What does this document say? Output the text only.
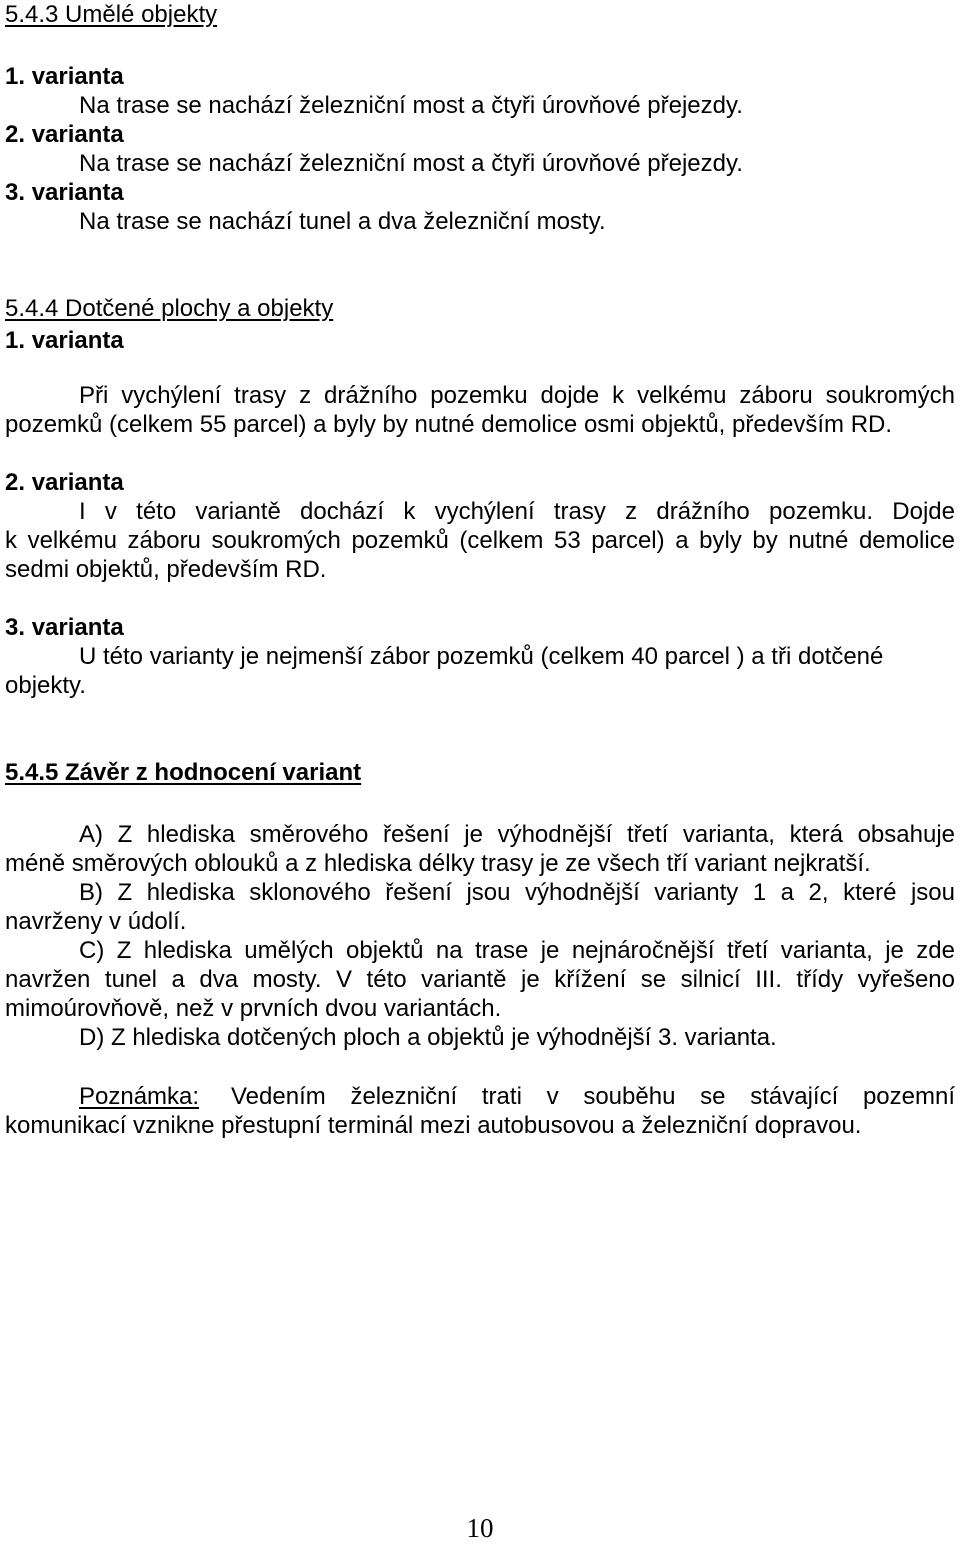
5.4.3 Umělé objekty
1. varianta

Na trase se nachází železniční most a čtyři úrovňové přejezdy.

2. varianta

Na trase se nachází železniční most a čtyři úrovňové přejezdy.

3. varianta

Na trase se nachází tunel a dva železniční mosty.

5.4.4 Dotčené plochy a objekty
1. varianta

Při vychýlení trasy z drážního pozemku dojde k velkému záboru soukromých

pozemků (celkem 55 parcel) a byly by nutné demolice osmi objektů, především RD.

2. varianta

I v této variantě dochází k vychýlení trasy z drážního pozemku. Dojde

k velkému záboru soukromých pozemků (celkem 53 parcel) a byly by nutné demolice

sedmi objektů, především RD.

3. varianta

U této varianty je nejmenší zábor pozemků (celkem 40 parcel ) a tři dotčené

objekty.

5.4.5 Závěr z hodnocení variant

A) Z hlediska směrového řešení je výhodnější třetí varianta, která obsahuje

méně směrových oblouků a z hlediska délky trasy je ze všech tří variant nejkratší.

B) Z hlediska sklonového řešení jsou výhodnější varianty 1 a 2, které jsou

navrženy v údolí.

C) Z hlediska umělých objektů na trase je nejnáročnější třetí varianta, je zde

navržen tunel a dva mosty. V této variantě je křížení se silnicí III. třídy vyřešeno

mimoúrovňově, než v prvních dvou variantách.

D) Z hlediska dotčených ploch a objektů je výhodnější 3. varianta.

Poznámka: Vedením železniční trati v souběhu se stávající pozemní

komunikací vznikne přestupní terminál mezi autobusovou a železniční dopravou.

10
